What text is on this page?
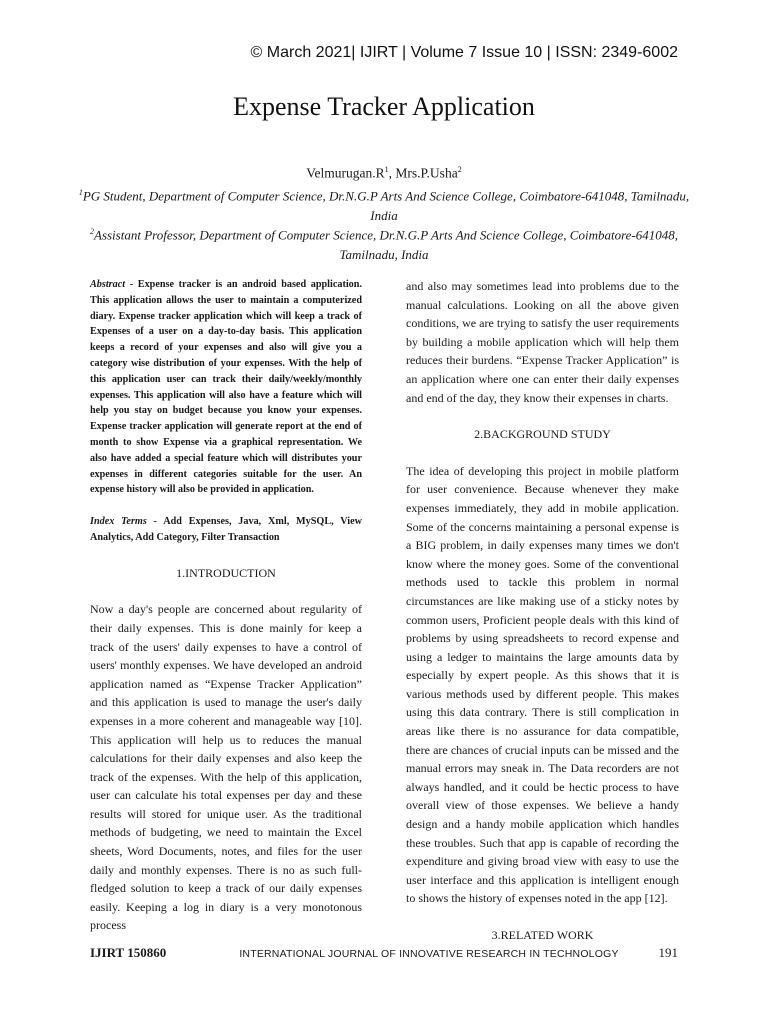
© March 2021| IJIRT | Volume 7 Issue 10 | ISSN: 2349-6002
Expense Tracker Application
$Velmurugan.R^1$, Mrs.P.Usha$^2$
$^1$PG Student, Department of Computer Science, Dr.N.G.P Arts And Science College, Coimbatore-641048, Tamilnadu, India
$^2$Assistant Professor, Department of Computer Science, Dr.N.G.P Arts And Science College, Coimbatore-641048, Tamilnadu, India

Abstract - Expense tracker is an android based application. This application allows the user to maintain a computerized diary. Expense tracker application which will keep a track of Expenses of a user on a day-to-day basis. This application keeps a record of your expenses and also will give you a category wise distribution of your expenses. With the help of this application user can track their daily/weekly/monthly expenses. This application will also have a feature which will help you stay on budget because you know your expenses. Expense tracker application will generate report at the end of month to show Expense via a graphical representation. We also have added a special feature which will distributes your expenses in different categories suitable for the user. An expense history will also be provided in application.

Index Terms - Add Expenses, Java, Xml, MySQL, View Analytics, Add Category, Filter Transaction

1.INTRODUCTION

Now a day's people are concerned about regularity of their daily expenses. This is done mainly for keep a track of the users' daily expenses to have a control of users' monthly expenses. We have developed an android application named as “Expense Tracker Application” and this application is used to manage the user's daily expenses in a more coherent and manageable way [10]. This application will help us to reduces the manual calculations for their daily expenses and also keep the track of the expenses. With the help of this application, user can calculate his total expenses per day and these results will stored for unique user. As the traditional methods of budgeting, we need to maintain the Excel sheets, Word Documents, notes, and files for the user daily and monthly expenses. There is no as such full-fledged solution to keep a track of our daily expenses easily. Keeping a log in diary is a very monotonous process

and also may sometimes lead into problems due to the manual calculations. Looking on all the above given conditions, we are trying to satisfy the user requirements by building a mobile application which will help them reduces their burdens. “Expense Tracker Application” is an application where one can enter their daily expenses and end of the day, they know their expenses in charts.

2.BACKGROUND STUDY

The idea of developing this project in mobile platform for user convenience. Because whenever they make expenses immediately, they add in mobile application. Some of the concerns maintaining a personal expense is a BIG problem, in daily expenses many times we don't know where the money goes. Some of the conventional methods used to tackle this problem in normal circumstances are like making use of a sticky notes by common users, Proficient people deals with this kind of problems by using spreadsheets to record expense and using a ledger to maintains the large amounts data by especially by expert people. As this shows that it is various methods used by different people. This makes using this data contrary. There is still complication in areas like there is no assurance for data compatible, there are chances of crucial inputs can be missed and the manual errors may sneak in. The Data recorders are not always handled, and it could be hectic process to have overall view of those expenses. We believe a handy design and a handy mobile application which handles these troubles. Such that app is capable of recording the expenditure and giving broad view with easy to use the user interface and this application is intelligent enough to shows the history of expenses noted in the app [12].

3.RELATED WORK
IJIRT 150860	INTERNATIONAL JOURNAL OF INNOVATIVE RESEARCH IN TECHNOLOGY	191
